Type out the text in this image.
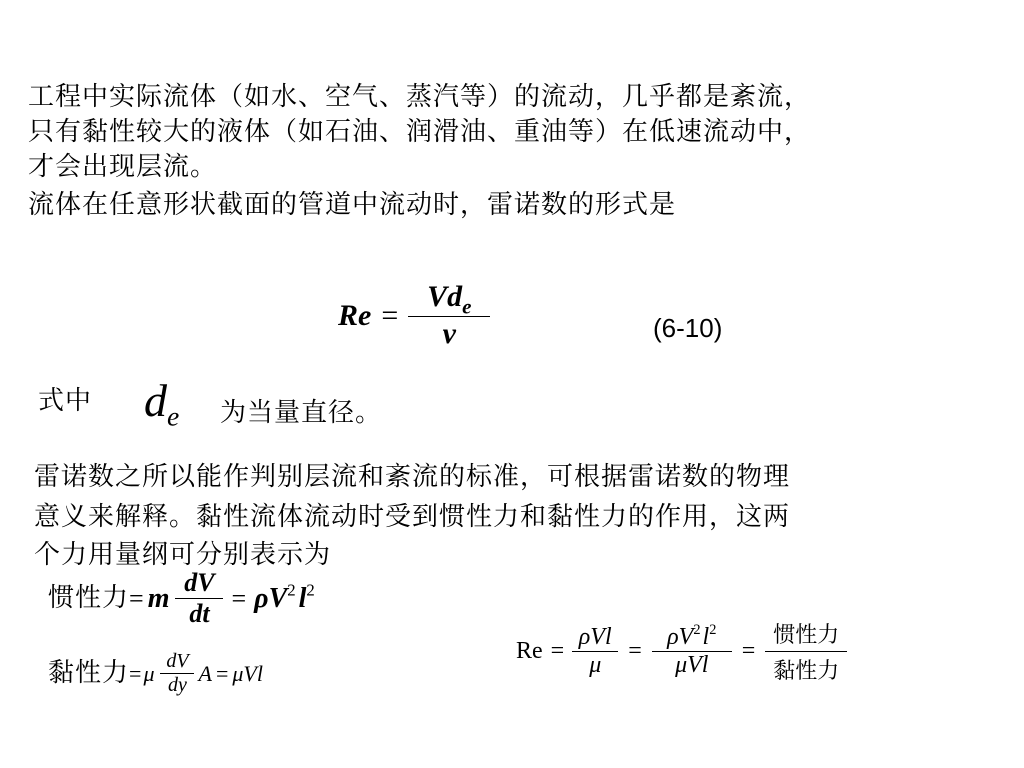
工程中实际流体（如水、空气、蒸汽等）的流动，几乎都是紊流，
只有黏性较大的液体（如石油、润滑油、重油等）在低速流动中，
才会出现层流。
流体在任意形状截面的管道中流动时，雷诺数的形式是
$Re = \frac{Vd_e}{\nu}$	(6-10)
式中 $d_e$ 为当量直径。
雷诺数之所以能作判别层流和紊流的标准，可根据雷诺数的物理
意义来解释。黏性流体流动时受到惯性力和黏性力的作用，这两
个力用量纲可分别表示为
惯性力 = m $\frac{dV}{dt} = \rho V^2$ $l^2$
黏性力 = μ $\frac{dV}{dy}$ A = μVl
$Re = \frac{\text{ρVl}}{\mu} = \frac{\rho V^2l^2}{\text{μVl}} = \frac{\text{惯性力}}{\text{黏性力}}$
